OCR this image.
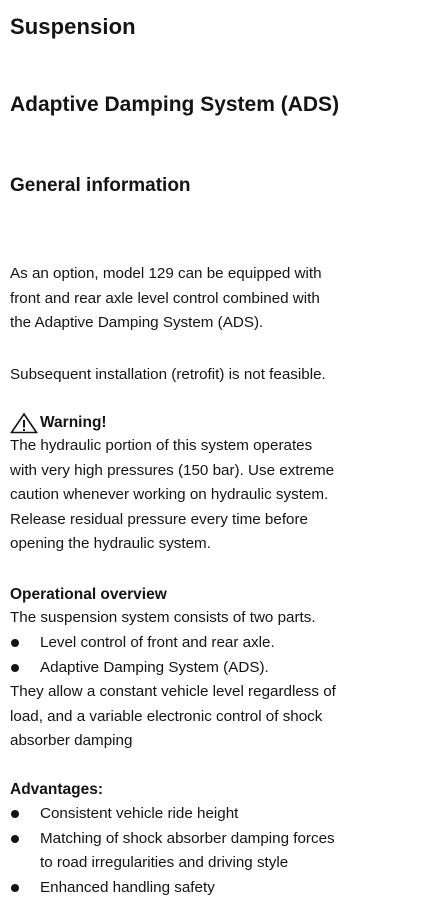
Suspension
Adaptive Damping System (ADS)
General information

As an option, model 129 can be equipped with
front and rear axle level control combined with
the Adaptive Damping System (ADS).

Subsequent installation (retrofit) is not feasible.

Warning!

The hydraulic portion of this system operates
with very high pressures (150 bar). Use extreme
caution whenever working on hydraulic system.
Release residual pressure every time before
opening the hydraulic system.

Operational overview

The suspension system consists of two parts.

Level control of front and rear axle.
Adaptive Damping System (ADS).

They allow a constant vehicle level regardless of
load, and a variable electronic control of shock
absorber damping

Advantages:
Consistent vehicle ride height
Matching of shock absorber damping forces
to road irregularities and driving style
Enhanced handling safety
